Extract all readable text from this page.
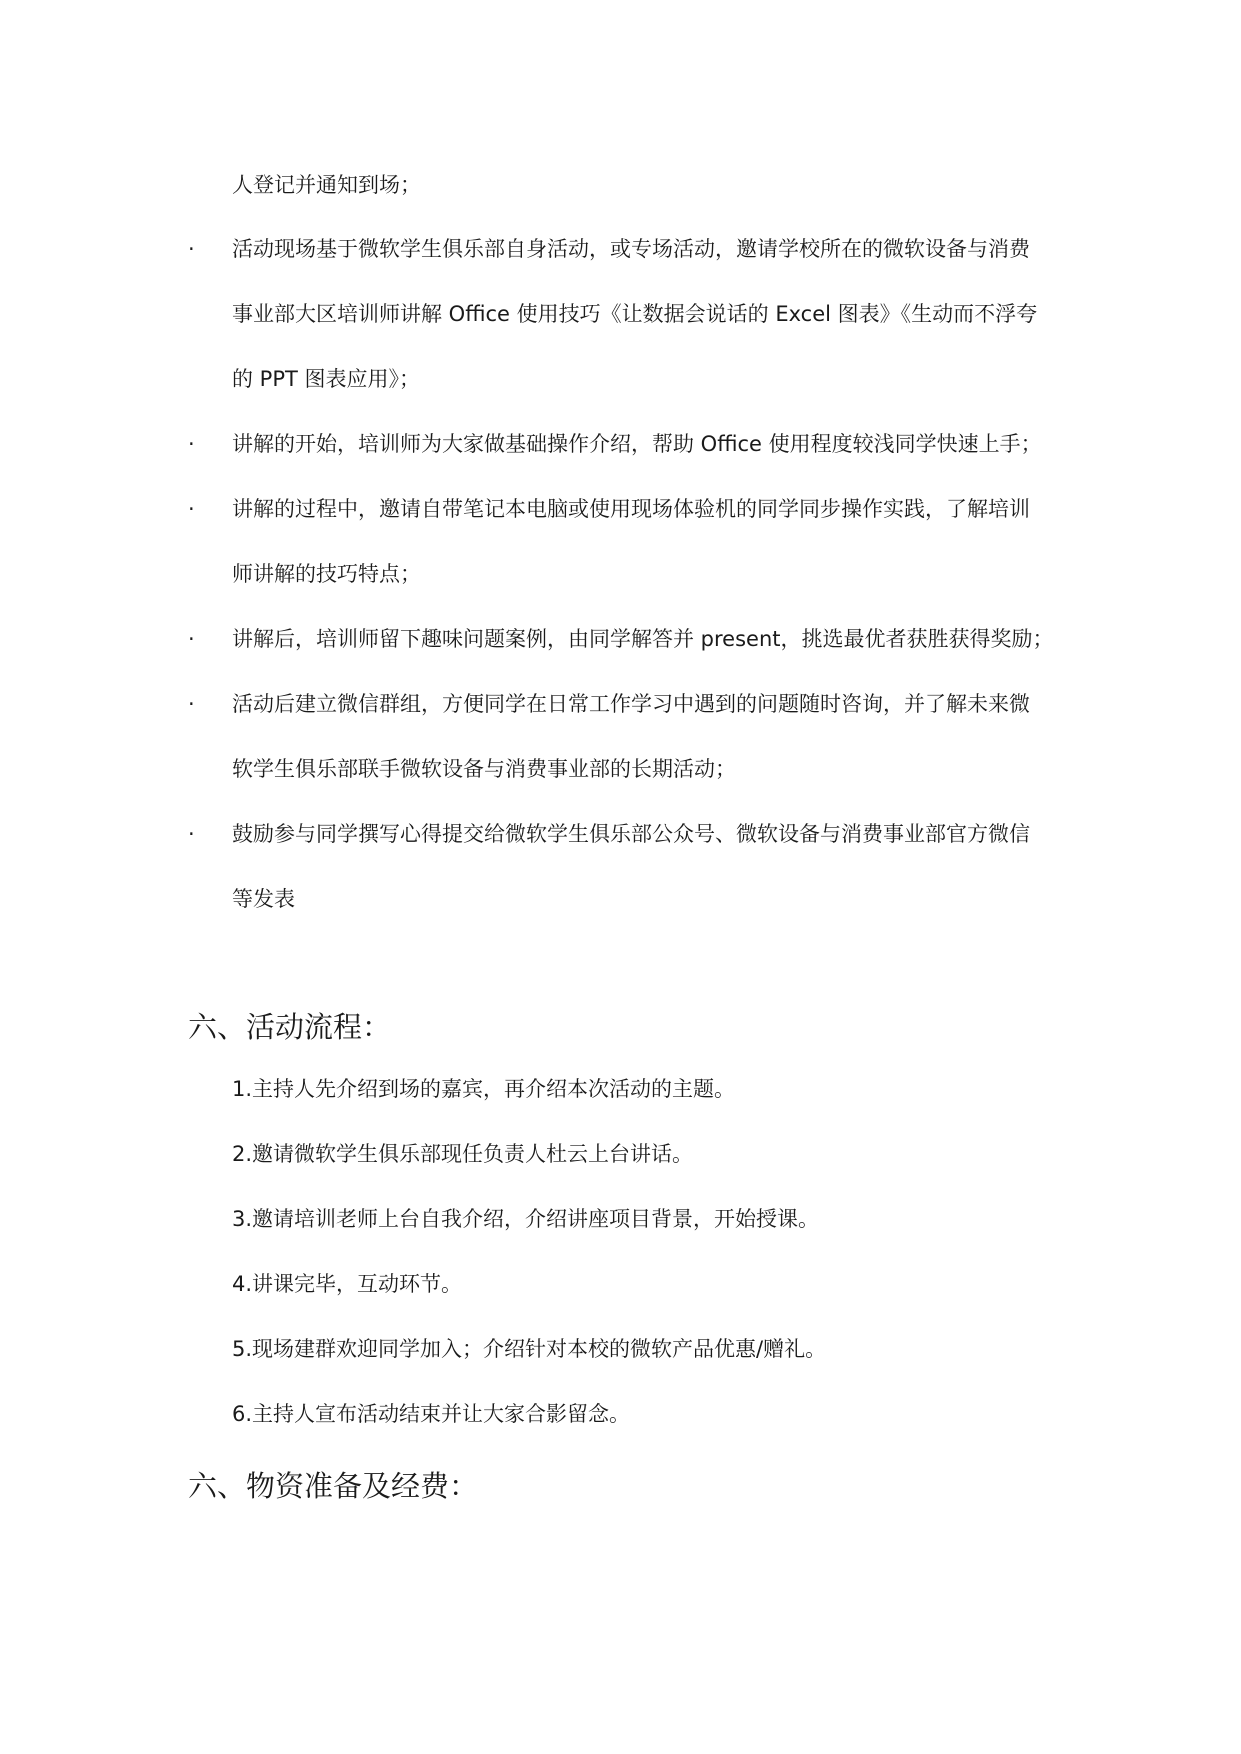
人登记并通知到场；
· 活动现场基于微软学生俱乐部自身活动，或专场活动，邀请学校所在的微软设备与消费
事业部大区培训师讲解 Office 使用技巧《让数据会说话的 Excel 图表》《生动而不浮夸
的 PPT 图表应用》；
· 讲解的开始，培训师为大家做基础操作介绍，帮助 Office 使用程度较浅同学快速上手；
· 讲解的过程中，邀请自带笔记本电脑或使用现场体验机的同学同步操作实践，了解培训
师讲解的技巧特点；
· 讲解后，培训师留下趣味问题案例，由同学解答并 present，挑选最优者获胜获得奖励；
· 活动后建立微信群组，方便同学在日常工作学习中遇到的问题随时咨询，并了解未来微
软学生俱乐部联手微软设备与消费事业部的长期活动；
· 鼓励参与同学撰写心得提交给微软学生俱乐部公众号、微软设备与消费事业部官方微信
等发表
六、活动流程：
1.主持人先介绍到场的嘉宾，再介绍本次活动的主题。
2.邀请微软学生俱乐部现任负责人杜云上台讲话。
3.邀请培训老师上台自我介绍，介绍讲座项目背景，开始授课。
4.讲课完毕，互动环节。
5.现场建群欢迎同学加入；介绍针对本校的微软产品优惠/赠礼。
6.主持人宣布活动结束并让大家合影留念。
六、物资准备及经费：
